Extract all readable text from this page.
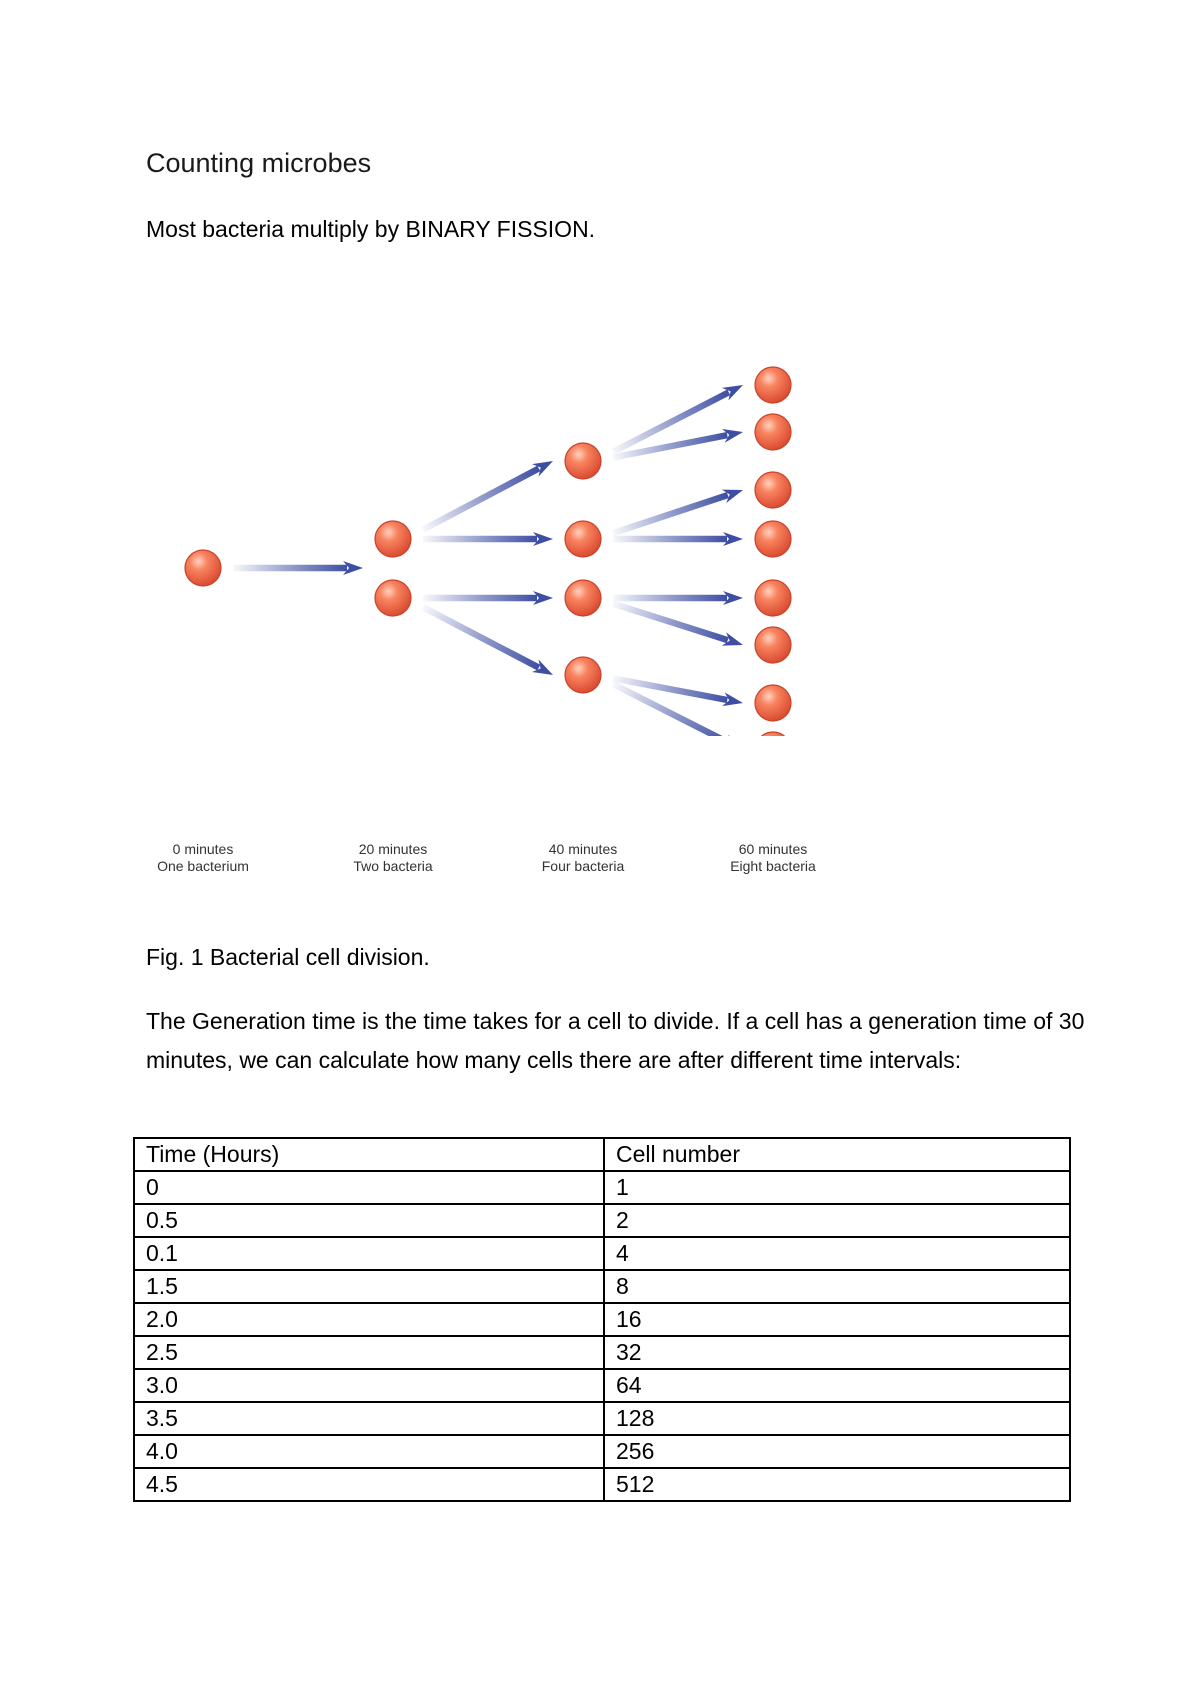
Counting microbes

Most bacteria multiply by BINARY FISSION.

0 minutes
One bacterium
20 minutes
Two bacteria
40 minutes
Four bacteria
60 minutes
Eight bacteria

Fig. 1 Bacterial cell division.

The Generation time is the time takes for a cell to divide. If a cell has a generation time of 30 minutes, we can calculate how many cells there are after different time intervals:

Time (Hours)	Cell number
0	1
0.5	2
0.1	4
1.5	8
2.0	16
2.5	32
3.0	64
3.5	128
4.0	256
4.5	512
